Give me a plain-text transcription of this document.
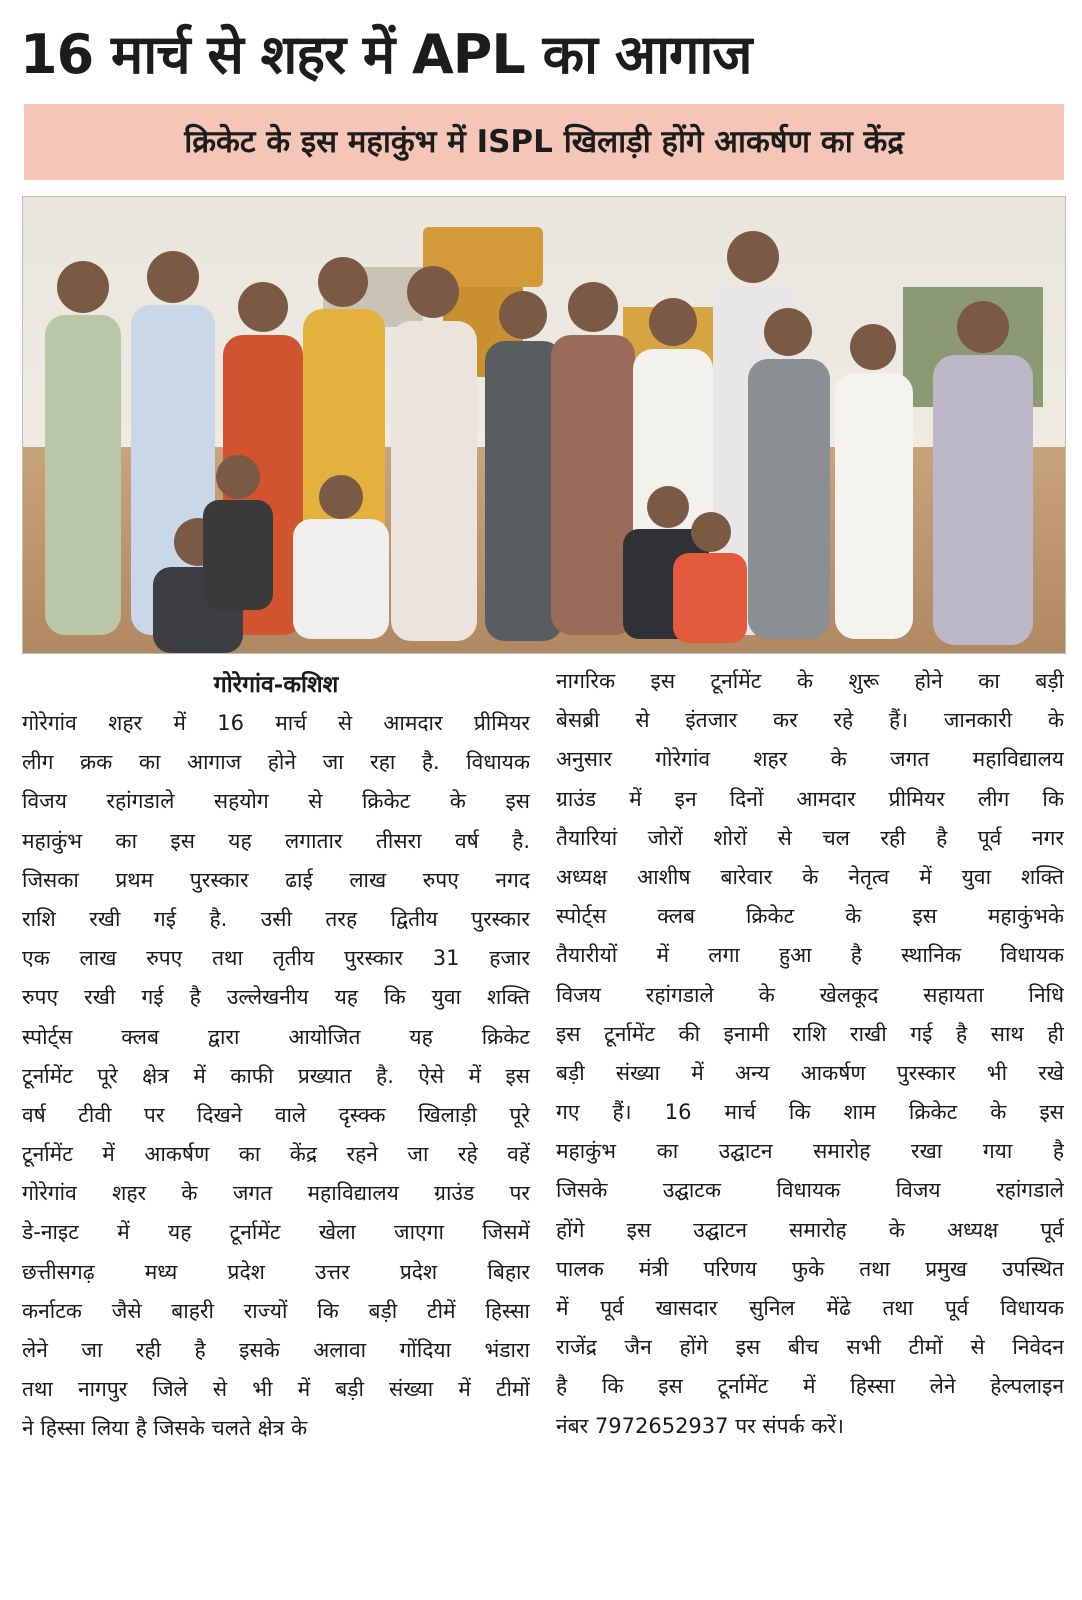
16 मार्च से शहर में APL का आगाज
क्रिकेट के इस महाकुंभ में ISPL खिलाड़ी होंगे आकर्षण का केंद्र
गोरेगांव-कशिश
गोरेगांव शहर में 16 मार्च से आमदार प्रीमियर
लीग क्रक का आगाज होने जा रहा है. विधायक
विजय रहांगडाले सहयोग से क्रिकेट के इस
महाकुंभ का इस यह लगातार तीसरा वर्ष है.
जिसका प्रथम पुरस्कार ढाई लाख रुपए नगद
राशि रखी गई है. उसी तरह द्वितीय पुरस्कार
एक लाख रुपए तथा तृतीय पुरस्कार 31 हजार
रुपए रखी गई है उल्लेखनीय यह कि युवा शक्ति
स्पोर्ट्स क्लब द्वारा आयोजित यह क्रिकेट
टूर्नामेंट पूरे क्षेत्र में काफी प्रख्यात है. ऐसे में इस
वर्ष टीवी पर दिखने वाले दृस्क्क खिलाड़ी पूरे
टूर्नामेंट में आकर्षण का केंद्र रहने जा रहे वहें
गोरेगांव शहर के जगत महाविद्यालय ग्राउंड पर
डे-नाइट में यह टूर्नामेंट खेला जाएगा जिसमें
छत्तीसगढ़ मध्य प्रदेश उत्तर प्रदेश बिहार
कर्नाटक जैसे बाहरी राज्यों कि बड़ी टीमें हिस्सा
लेने जा रही है इसके अलावा गोंदिया भंडारा
तथा नागपुर जिले से भी में बड़ी संख्या में टीमों
ने हिस्सा लिया है जिसके चलते क्षेत्र के
नागरिक इस टूर्नामेंट के शुरू होने का बड़ी
बेसब्री से इंतजार कर रहे हैं। जानकारी के
अनुसार गोरेगांव शहर के जगत महाविद्यालय
ग्राउंड में इन दिनों आमदार प्रीमियर लीग कि
तैयारियां जोरों शोरों से चल रही है पूर्व नगर
अध्यक्ष आशीष बारेवार के नेतृत्व में युवा शक्ति
स्पोर्ट्स क्लब क्रिकेट के इस महाकुंभके
तैयारीयों में लगा हुआ है स्थानिक विधायक
विजय रहांगडाले के खेलकूद सहायता निधि
इस टूर्नामेंट की इनामी राशि राखी गई है साथ ही
बड़ी संख्या में अन्य आकर्षण पुरस्कार भी रखे
गए हैं। 16 मार्च कि शाम क्रिकेट के इस
महाकुंभ का उद्घाटन समारोह रखा गया है
जिसके उद्घाटक विधायक विजय रहांगडाले
होंगे इस उद्घाटन समारोह के अध्यक्ष पूर्व
पालक मंत्री परिणय फुके तथा प्रमुख उपस्थित
में पूर्व खासदार सुनिल मेंढे तथा पूर्व विधायक
राजेंद्र जैन होंगे इस बीच सभी टीमों से निवेदन
है कि इस टूर्नामेंट में हिस्सा लेने हेल्पलाइन
नंबर 7972652937 पर संपर्क करें।
